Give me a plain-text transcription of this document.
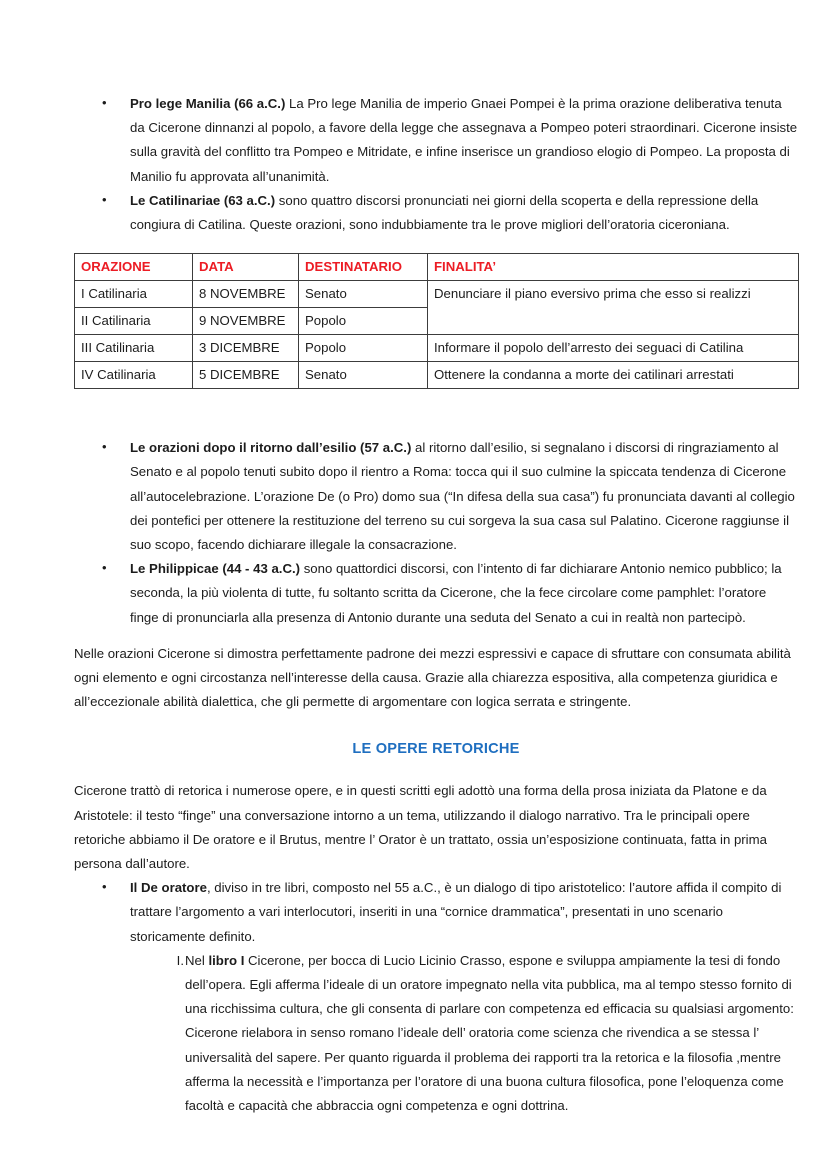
• Pro lege Manilia (66 a.C.) La Pro lege Manilia de imperio Gnaei Pompei è la prima orazione deliberativa tenuta da Cicerone dinnanzi al popolo, a favore della legge che assegnava a Pompeo poteri straordinari. Cicerone insiste sulla gravità del conflitto tra Pompeo e Mitridate, e infine inserisce un grandioso elogio di Pompeo. La proposta di Manilio fu approvata all’unanimità.
• Le Catilinariae (63 a.C.) sono quattro discorsi pronunciati nei giorni della scoperta e della repressione della congiura di Catilina. Queste orazioni, sono indubbiamente tra le prove migliori dell’oratoria ciceroniana.
ORAZIONE	DATA	DESTINATARIO	FINALITA’
I Catilinaria	8 NOVEMBRE	Senato	Denunciare il piano eversivo prima che esso si realizzi
II Catilinaria	9 NOVEMBRE	Popolo	
III Catilinaria	3 DICEMBRE	Popolo	Informare il popolo dell’arresto dei seguaci di Catilina
IV Catilinaria	5 DICEMBRE	Senato	Ottenere la condanna a morte dei catilinari arrestati
• Le orazioni dopo il ritorno dall’esilio (57 a.C.) al ritorno dall’esilio, si segnalano i discorsi di ringraziamento al Senato e al popolo tenuti subito dopo il rientro a Roma: tocca qui il suo culmine la spiccata tendenza di Cicerone all’autocelebrazione. L’orazione De (o Pro) domo sua (“In difesa della sua casa”) fu pronunciata davanti al collegio dei pontefici per ottenere la restituzione del terreno su cui sorgeva la sua casa sul Palatino. Cicerone raggiunse il suo scopo, facendo dichiarare illegale la consacrazione.
• Le Philippicae (44 - 43 a.C.) sono quattordici discorsi, con l’intento di far dichiarare Antonio nemico pubblico; la seconda, la più violenta di tutte, fu soltanto scritta da Cicerone, che la fece circolare come pamphlet: l’oratore finge di pronunciarla alla presenza di Antonio durante una seduta del Senato a cui in realtà non partecipò.

Nelle orazioni Cicerone si dimostra perfettamente padrone dei mezzi espressivi e capace di sfruttare con consumata abilità ogni elemento e ogni circostanza nell’interesse della causa. Grazie alla chiarezza espositiva, alla competenza giuridica e all’eccezionale abilità dialettica, che gli permette di argomentare con logica serrata e stringente.

LE OPERE RETORICHE

Cicerone trattò di retorica i numerose opere, e in questi scritti egli adottò una forma della prosa iniziata da Platone e da Aristotele: il testo “finge” una conversazione intorno a un tema, utilizzando il dialogo narrativo. Tra le principali opere retoriche abbiamo il De oratore e il Brutus, mentre l’ Orator è un trattato, ossia un’esposizione continuata, fatta in prima persona dall’autore.

• Il De oratore, diviso in tre libri, composto nel 55 a.C., è un dialogo di tipo aristotelico: l’autore affida il compito di trattare l’argomento a vari interlocutori, inseriti in una “cornice drammatica”, presentati in uno scenario storicamente definito.
I. Nel libro I Cicerone, per bocca di Lucio Licinio Crasso, espone e sviluppa ampiamente la tesi di fondo dell’opera. Egli afferma l’ideale di un oratore impegnato nella vita pubblica, ma al tempo stesso fornito di una ricchissima cultura, che gli consenta di parlare con competenza ed efficacia su qualsiasi argomento: Cicerone rielabora in senso romano l’ideale dell’ oratoria come scienza che rivendica a se stessa l’ universalità del sapere. Per quanto riguarda il problema dei rapporti tra la retorica e la filosofia ,mentre afferma la necessità e l’importanza per l’oratore di una buona cultura filosofica, pone l’eloquenza come facoltà e capacità che abbraccia ogni competenza e ogni dottrina.
